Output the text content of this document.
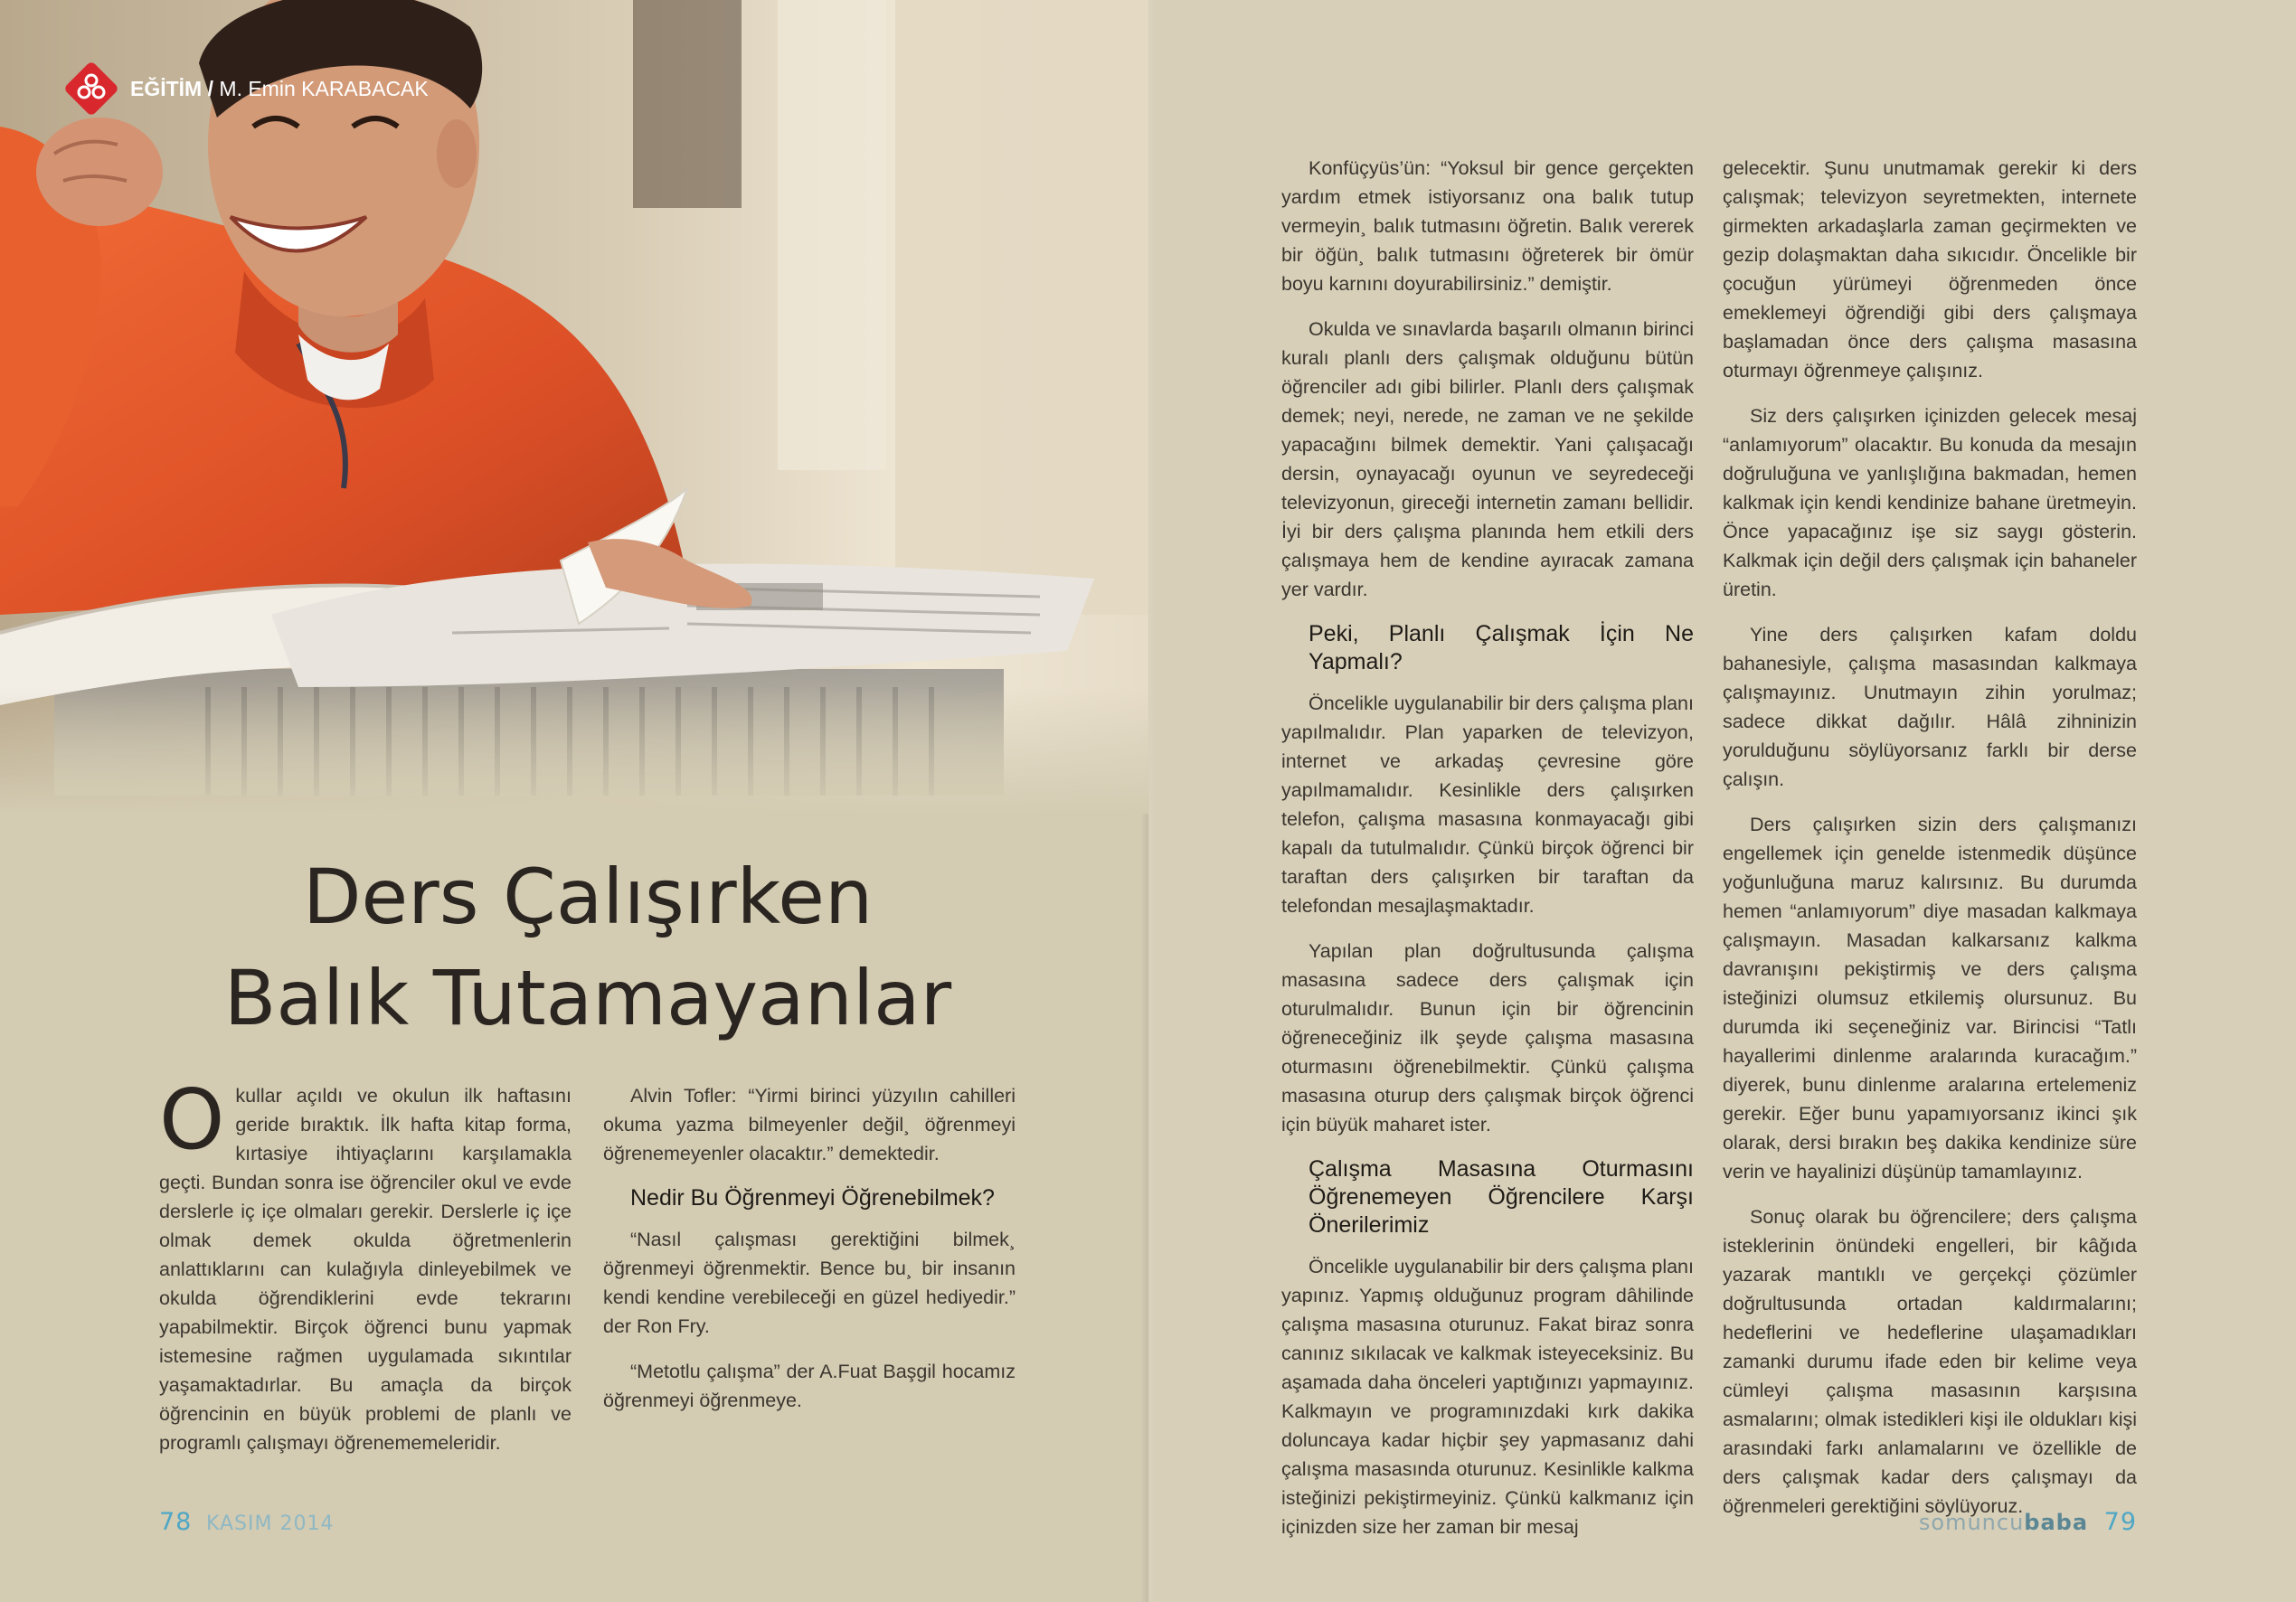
EĞİTİM / M. Emin KARABACAK
Ders Çalışırken
Balık Tutamayanlar

O kullar açıldı ve okulun ilk haftasını geride bıraktık. İlk hafta kitap forma, kırtasiye ihtiyaçlarını karşılamakla geçti. Bundan sonra ise öğrenciler okul ve evde derslerle iç içe olmaları gerekir. Derslerle iç içe olmak demek okulda öğretmenlerin anlattıklarını can kulağıyla dinleyebilmek ve okulda öğrendiklerini evde tekrarını yapabilmektir. Birçok öğrenci bunu yapmak istemesine rağmen uygulamada sıkıntılar yaşamaktadırlar. Bu amaçla da birçok öğrencinin en büyük problemi de planlı ve programlı çalışmayı öğrenememeleridir.

Alvin Tofler: “Yirmi birinci yüzyılın cahilleri okuma yazma bilmeyenler değil¸ öğrenmeyi öğrenemeyenler olacaktır.” demektedir.

Nedir Bu Öğrenmeyi Öğrenebilmek?

“Nasıl çalışması gerektiğini bilmek¸ öğrenmeyi öğrenmektir. Bence bu¸ bir insanın kendi kendine verebileceği en güzel hediyedir.” der Ron Fry.

“Metotlu çalışma” der A.Fuat Başgil hocamız öğrenmeyi öğrenmeye.

Konfüçyüs’ün: “Yoksul bir gence gerçekten yardım etmek istiyorsanız ona balık tutup vermeyin¸ balık tutmasını öğretin. Balık vererek bir öğün¸ balık tutmasını öğreterek bir ömür boyu karnını doyurabilirsiniz.” demiştir.

Okulda ve sınavlarda başarılı olmanın birinci kuralı planlı ders çalışmak olduğunu bütün öğrenciler adı gibi bilirler. Planlı ders çalışmak demek; neyi, nerede, ne zaman ve ne şekilde yapacağını bilmek demektir. Yani çalışacağı dersin, oynayacağı oyunun ve seyredeceği televizyonun, gireceği internetin zamanı bellidir. İyi bir ders çalışma planında hem etkili ders çalışmaya hem de kendine ayıracak zamana yer vardır.

Peki, Planlı Çalışmak İçin Ne Yapmalı?

Öncelikle uygulanabilir bir ders çalışma planı yapılmalıdır. Plan yaparken de televizyon, internet ve arkadaş çevresine göre yapılmamalıdır. Kesinlikle ders çalışırken telefon, çalışma masasına konmayacağı gibi kapalı da tutulmalıdır. Çünkü birçok öğrenci bir taraftan ders çalışırken bir taraftan da telefondan mesajlaşmaktadır.

Yapılan plan doğrultusunda çalışma masasına sadece ders çalışmak için oturulmalıdır. Bunun için bir öğrencinin öğreneceğiniz ilk şeyde çalışma masasına oturmasını öğrenebilmektir. Çünkü çalışma masasına oturup ders çalışmak birçok öğrenci için büyük maharet ister.

Çalışma Masasına Oturmasını Öğrenemeyen Öğrencilere Karşı Önerilerimiz

Öncelikle uygulanabilir bir ders çalışma planı yapınız. Yapmış olduğunuz program dâhilinde çalışma masasına oturunuz. Fakat biraz sonra canınız sıkılacak ve kalkmak isteyeceksiniz. Bu aşamada daha önceleri yaptığınızı yapmayınız. Kalkmayın ve programınızdaki kırk dakika doluncaya kadar hiçbir şey yapmasanız dahi çalışma masasında oturunuz. Kesinlikle kalkma isteğinizi pekiştirmeyiniz. Çünkü kalkmanız için içinizden size her zaman bir mesaj

gelecektir. Şunu unutmamak gerekir ki ders çalışmak; televizyon seyretmekten, internete girmekten arkadaşlarla zaman geçirmekten ve gezip dolaşmaktan daha sıkıcıdır. Öncelikle bir çocuğun yürümeyi öğrenmeden önce emeklemeyi öğrendiği gibi ders çalışmaya başlamadan önce ders çalışma masasına oturmayı öğrenmeye çalışınız.

Siz ders çalışırken içinizden gelecek mesaj “anlamıyorum” olacaktır. Bu konuda da mesajın doğruluğuna ve yanlışlığına bakmadan, hemen kalkmak için kendi kendinize bahane üretmeyin. Önce yapacağınız işe siz saygı gösterin. Kalkmak için değil ders çalışmak için bahaneler üretin.

Yine ders çalışırken kafam doldu bahanesiyle, çalışma masasından kalkmaya çalışmayınız. Unutmayın zihin yorulmaz; sadece dikkat dağılır. Hâlâ zihninizin yorulduğunu söylüyorsanız farklı bir derse çalışın.

Ders çalışırken sizin ders çalışmanızı engellemek için genelde istenmedik düşünce yoğunluğuna maruz kalırsınız. Bu durumda hemen “anlamıyorum” diye masadan kalkmaya çalışmayın. Masadan kalkarsanız kalkma davranışını pekiştirmiş ve ders çalışma isteğinizi olumsuz etkilemiş olursunuz. Bu durumda iki seçeneğiniz var. Birincisi “Tatlı hayallerimi dinlenme aralarında kuracağım.” diyerek, bunu dinlenme aralarına ertelemeniz gerekir. Eğer bunu yapamıyorsanız ikinci şık olarak, dersi bırakın beş dakika kendinize süre verin ve hayalinizi düşünüp tamamlayınız.

Sonuç olarak bu öğrencilere; ders çalışma isteklerinin önündeki engelleri, bir kâğıda yazarak mantıklı ve gerçekçi çözümler doğrultusunda ortadan kaldırmalarını; hedeflerini ve hedeflerine ulaşamadıkları zamanki durumu ifade eden bir kelime veya cümleyi çalışma masasının karşısına asmalarını; olmak istedikleri kişi ile oldukları kişi arasındaki farkı anlamalarını ve özellikle de ders çalışmak kadar ders çalışmayı da öğrenmeleri gerektiğini söylüyoruz.

78 KASIM 2014	somuncubaba 79
